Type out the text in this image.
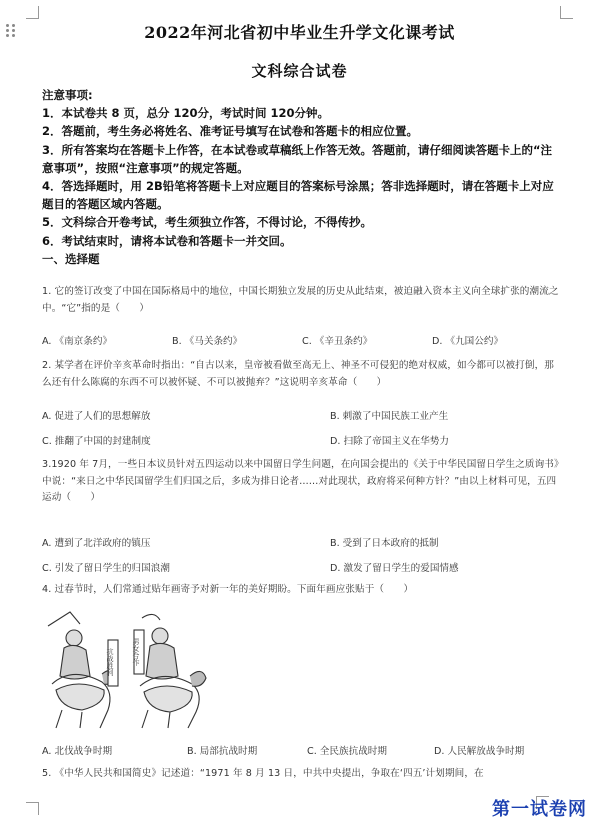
2022年河北省初中毕业生升学文化课考试
文科综合试卷
注意事项:
1．本试卷共 8 页，总分 120分，考试时间 120分钟。
2．答题前，考生务必将姓名、准考证号填写在试卷和答题卡的相应位置。
3．所有答案均在答题卡上作答，在本试卷或草稿纸上作答无效。答题前，请仔细阅读答题卡上的“注意事项”，按照“注意事项”的规定答题。
4．答选择题时，用 2B铅笔将答题卡上对应题目的答案标号涂黑；答非选择题时，请在答题卡上对应题目的答题区域内答题。
5．文科综合开卷考试，考生须独立作答，不得讨论，不得传抄。
6．考试结束时，请将本试卷和答题卡一并交回。
一、选择题
1. 它的签订改变了中国在国际格局中的地位，中国长期独立发展的历史从此结束，被迫融入资本主义向全球扩张的潮流之中。“它”指的是（　　）
A. 《南京条约》	B. 《马关条约》	C. 《辛丑条约》	D. 《九国公约》
2. 某学者在评价辛亥革命时指出：“自古以来，皇帝被看做至高无上、神圣不可侵犯的绝对权威，如今都可以被打倒，那么还有什么陈腐的东西不可以被怀疑、不可以被抛弃？”这说明辛亥革命（　　）
A. 促进了人们的思想解放	B. 刺激了中国民族工业产生
C. 推翻了中国的封建制度	D. 扫除了帝国主义在华势力
3.1920 年 7月，一些日本议员针对五四运动以来中国留日学生问题，在向国会提出的《关于中华民国留日学生之质询书》中说：“来日之中华民国留学生们归国之后，多成为排日论者……对此现状，政府将采何种方针？”由以上材料可见，五四运动（　　）
A. 遭到了北洋政府的镇压	B. 受到了日本政府的抵制
C. 引发了留日学生的归国浪潮	D. 激发了留日学生的爱国情感
4. 过春节时，人们常通过贴年画寄予对新一年的美好期盼。下面年画应张贴于（　　）
抗战胜利	男女合作
A. 北伐战争时期	B. 局部抗战时期	C. 全民族抗战时期	D. 人民解放战争时期
5. 《中华人民共和国简史》记述道：“1971 年 8 月 13 日，中共中央提出，争取在‘四五’计划期间，在
第一试卷网
